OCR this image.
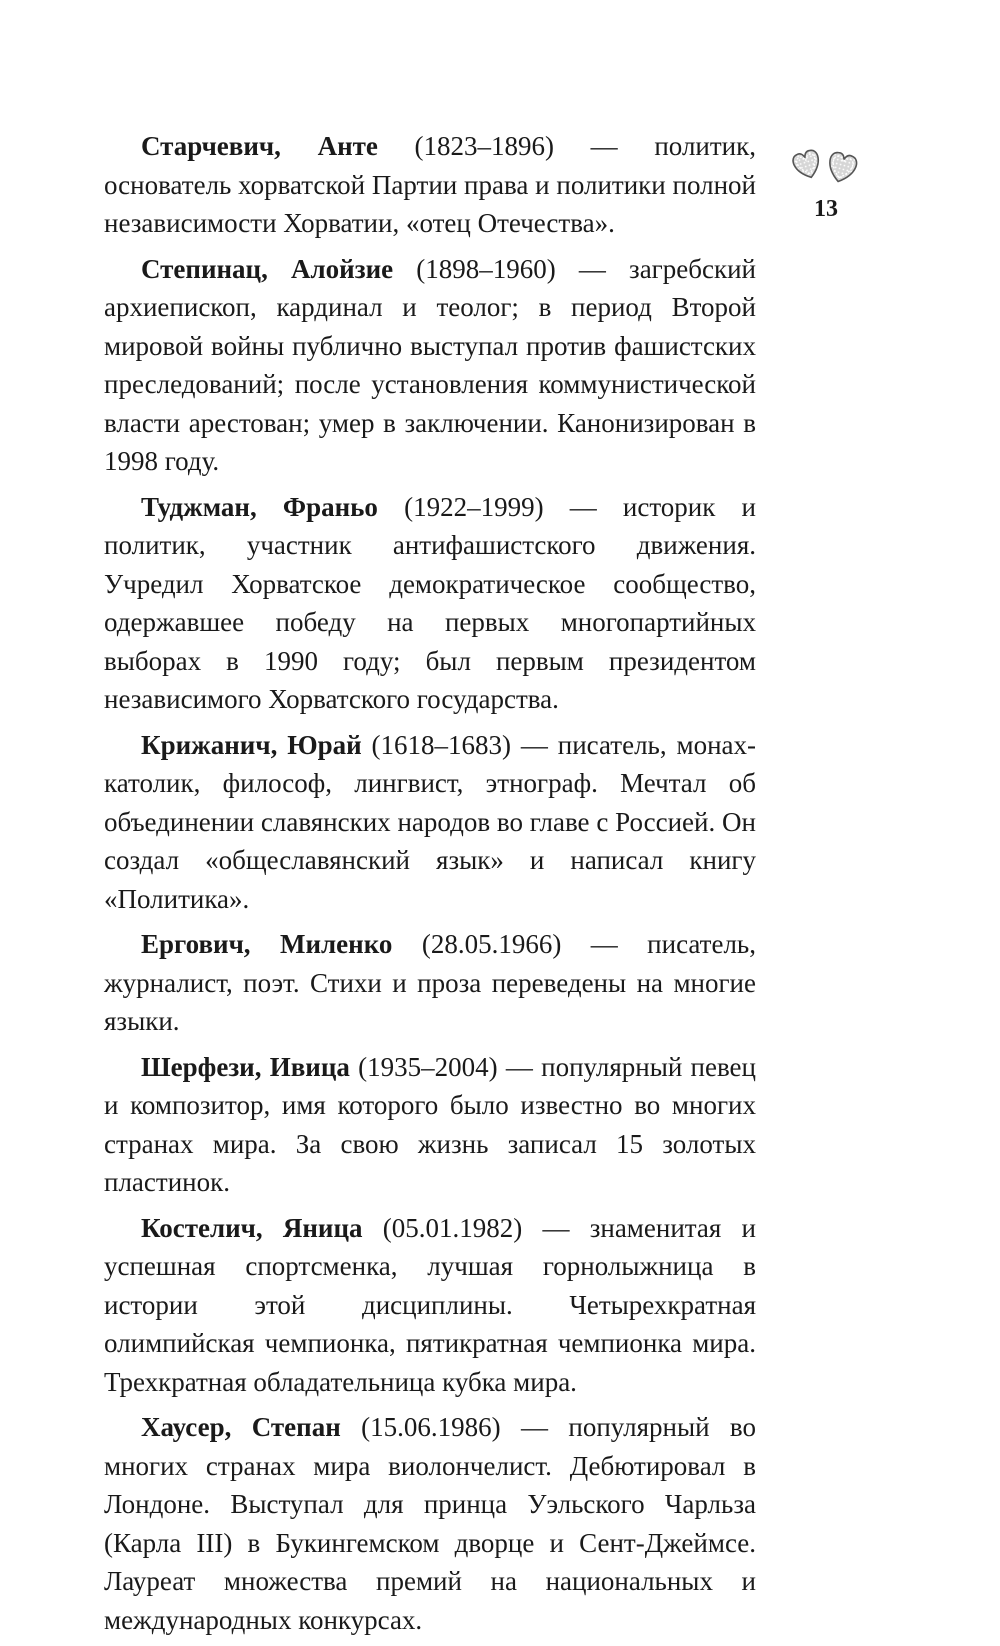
13

Старчевич, Анте (1823–1896) — политик, основатель хорватской Партии права и политики полной независимости Хорватии, «отец Отечества».

Степинац, Алойзие (1898–1960) — загребский архиепископ, кардинал и теолог; в период Второй мировой войны публично выступал против фашистских преследований; после установления коммунистической власти арестован; умер в заключении. Канонизирован в 1998 году.

Туджман, Франьо (1922–1999) — историк и политик, участник антифашистского движения. Учредил Хорватское демократическое сообщество, одержавшее победу на первых многопартийных выборах в 1990 году; был первым президентом независимого Хорватского государства.

Крижанич, Юрай (1618–1683) — писатель, монах-католик, философ, лингвист, этнограф. Мечтал об объединении славянских народов во главе с Россией. Он создал «общеславянский язык» и написал книгу «Политика».

Ергович, Миленко (28.05.1966) — писатель, журналист, поэт. Стихи и проза переведены на многие языки.

Шерфези, Ивица (1935–2004) — популярный певец и композитор, имя которого было известно во многих странах мира. За свою жизнь записал 15 золотых пластинок.

Костелич, Яница (05.01.1982) — знаменитая и успешная спортсменка, лучшая горнолыжница в истории этой дисциплины. Четырехкратная олимпийская чемпионка, пятикратная чемпионка мира. Трехкратная обладательница кубка мира.

Хаусер, Степан (15.06.1986) — популярный во многих странах мира виолончелист. Дебютировал в Лондоне. Выступал для принца Уэльского Чарльза (Карла III) в Букингемском дворце и Сент-Джеймсе. Лауреат множества премий на национальных и международных конкурсах.
